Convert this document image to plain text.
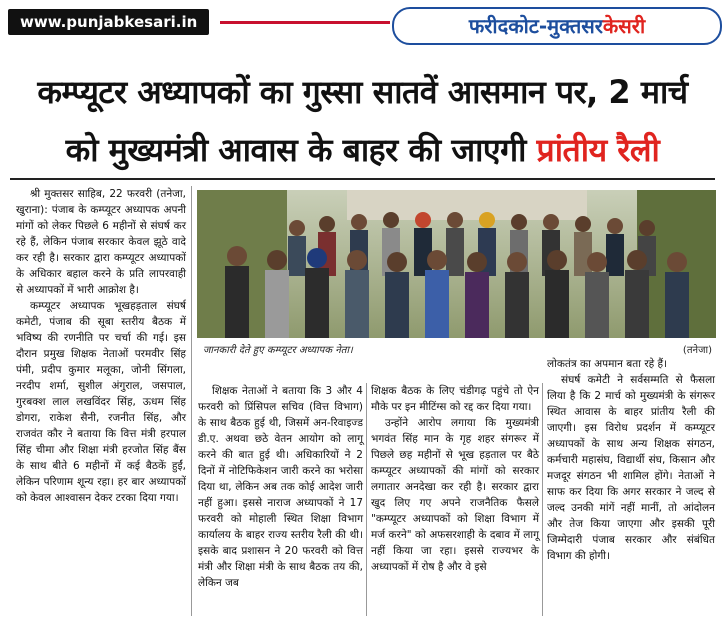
www.punjabkesari.in	फरीदकोट-मुक्तसरकेसरी
कम्प्यूटर अध्यापकों का गुस्सा सातवें आसमान पर, 2 मार्च
को मुख्यमंत्री आवास के बाहर की जाएगी प्रांतीय रैली

श्री मुक्तसर साहिब, 22 फरवरी (तनेजा, खुराना): पंजाब के कम्प्यूटर अध्यापक अपनी मांगों को लेकर पिछले 6 महीनों से संघर्ष कर रहे हैं, लेकिन पंजाब सरकार केवल झूठे वादे कर रही है। सरकार द्वारा कम्प्यूटर अध्यापकों के अधिकार बहाल करने के प्रति लापरवाही से अध्यापकों में भारी आक्रोश है।

कम्प्यूटर अध्यापक भूखहड़ताल संघर्ष कमेटी, पंजाब की सूबा स्तरीय बैठक में भविष्य की रणनीति पर चर्चा की गई। इस दौरान प्रमुख शिक्षक नेताओं परमवीर सिंह पंमी, प्रदीप कुमार मलूका, जोनी सिंगला, नरदीप शर्मा, सुशील अंगुराल, जसपाल, गुरबक्श लाल लखविंदर सिंह, ऊधम सिंह डोगरा, राकेश सैनी, रजनीत सिंह, और राजवंत कौर ने बताया कि वित्त मंत्री हरपाल सिंह चीमा और शिक्षा मंत्री हरजोत सिंह बैंस के साथ बीते 6 महीनों में कई बैठकें हुईं, लेकिन परिणाम शून्य रहा। हर बार अध्यापकों को केवल आश्वासन देकर टरका दिया गया।

जानकारी देते हुए कम्प्यूटर अध्यापक नेता।	(तनेजा)

शिक्षक नेताओं ने बताया कि 3 और 4 फरवरी को प्रिंसिपल सचिव (वित्त विभाग) के साथ बैठक हुई थी, जिसमें अन-रिवाइज्ड डी.ए. अथवा छठे वेतन आयोग को लागू करने की बात हुई थी। अधिकारियों ने 2 दिनों में नोटिफिकेशन जारी करने का भरोसा दिया था, लेकिन अब तक कोई आदेश जारी नहीं हुआ। इससे नाराज अध्यापकों ने 17 फरवरी को मोहाली स्थित शिक्षा विभाग कार्यालय के बाहर राज्य स्तरीय रैली की थी। इसके बाद प्रशासन ने 20 फरवरी को वित्त मंत्री और शिक्षा मंत्री के साथ बैठक तय की, लेकिन जब

शिक्षक बैठक के लिए चंडीगढ़ पहुंचे तो ऐन मौके पर इन मीटिंग्स को रद्द कर दिया गया।

उन्होंने आरोप लगाया कि मुख्यमंत्री भगवंत सिंह मान के गृह शहर संगरूर में पिछले छह महीनों से भूख हड़ताल पर बैठे कम्प्यूटर अध्यापकों की मांगों को सरकार लगातार अनदेखा कर रही है। सरकार द्वारा खुद लिए गए अपने राजनैतिक फैसले "कम्प्यूटर अध्यापकों को शिक्षा विभाग में मर्ज करने" को अफसरशाही के दबाव में लागू नहीं किया जा रहा। इससे राज्यभर के अध्यापकों में रोष है और वे इसे

लोकतंत्र का अपमान बता रहे हैं।

संघर्ष कमेटी ने सर्वसम्मति से फैसला लिया है कि 2 मार्च को मुख्यमंत्री के संगरूर स्थित आवास के बाहर प्रांतीय रैली की जाएगी। इस विरोध प्रदर्शन में कम्प्यूटर अध्यापकों के साथ अन्य शिक्षक संगठन, कर्मचारी महासंघ, विद्यार्थी संघ, किसान और मजदूर संगठन भी शामिल होंगे। नेताओं ने साफ कर दिया कि अगर सरकार ने जल्द से जल्द उनकी मांगें नहीं मानीं, तो आंदोलन और तेज किया जाएगा और इसकी पूरी जिम्मेदारी पंजाब सरकार और संबंधित विभाग की होगी।
